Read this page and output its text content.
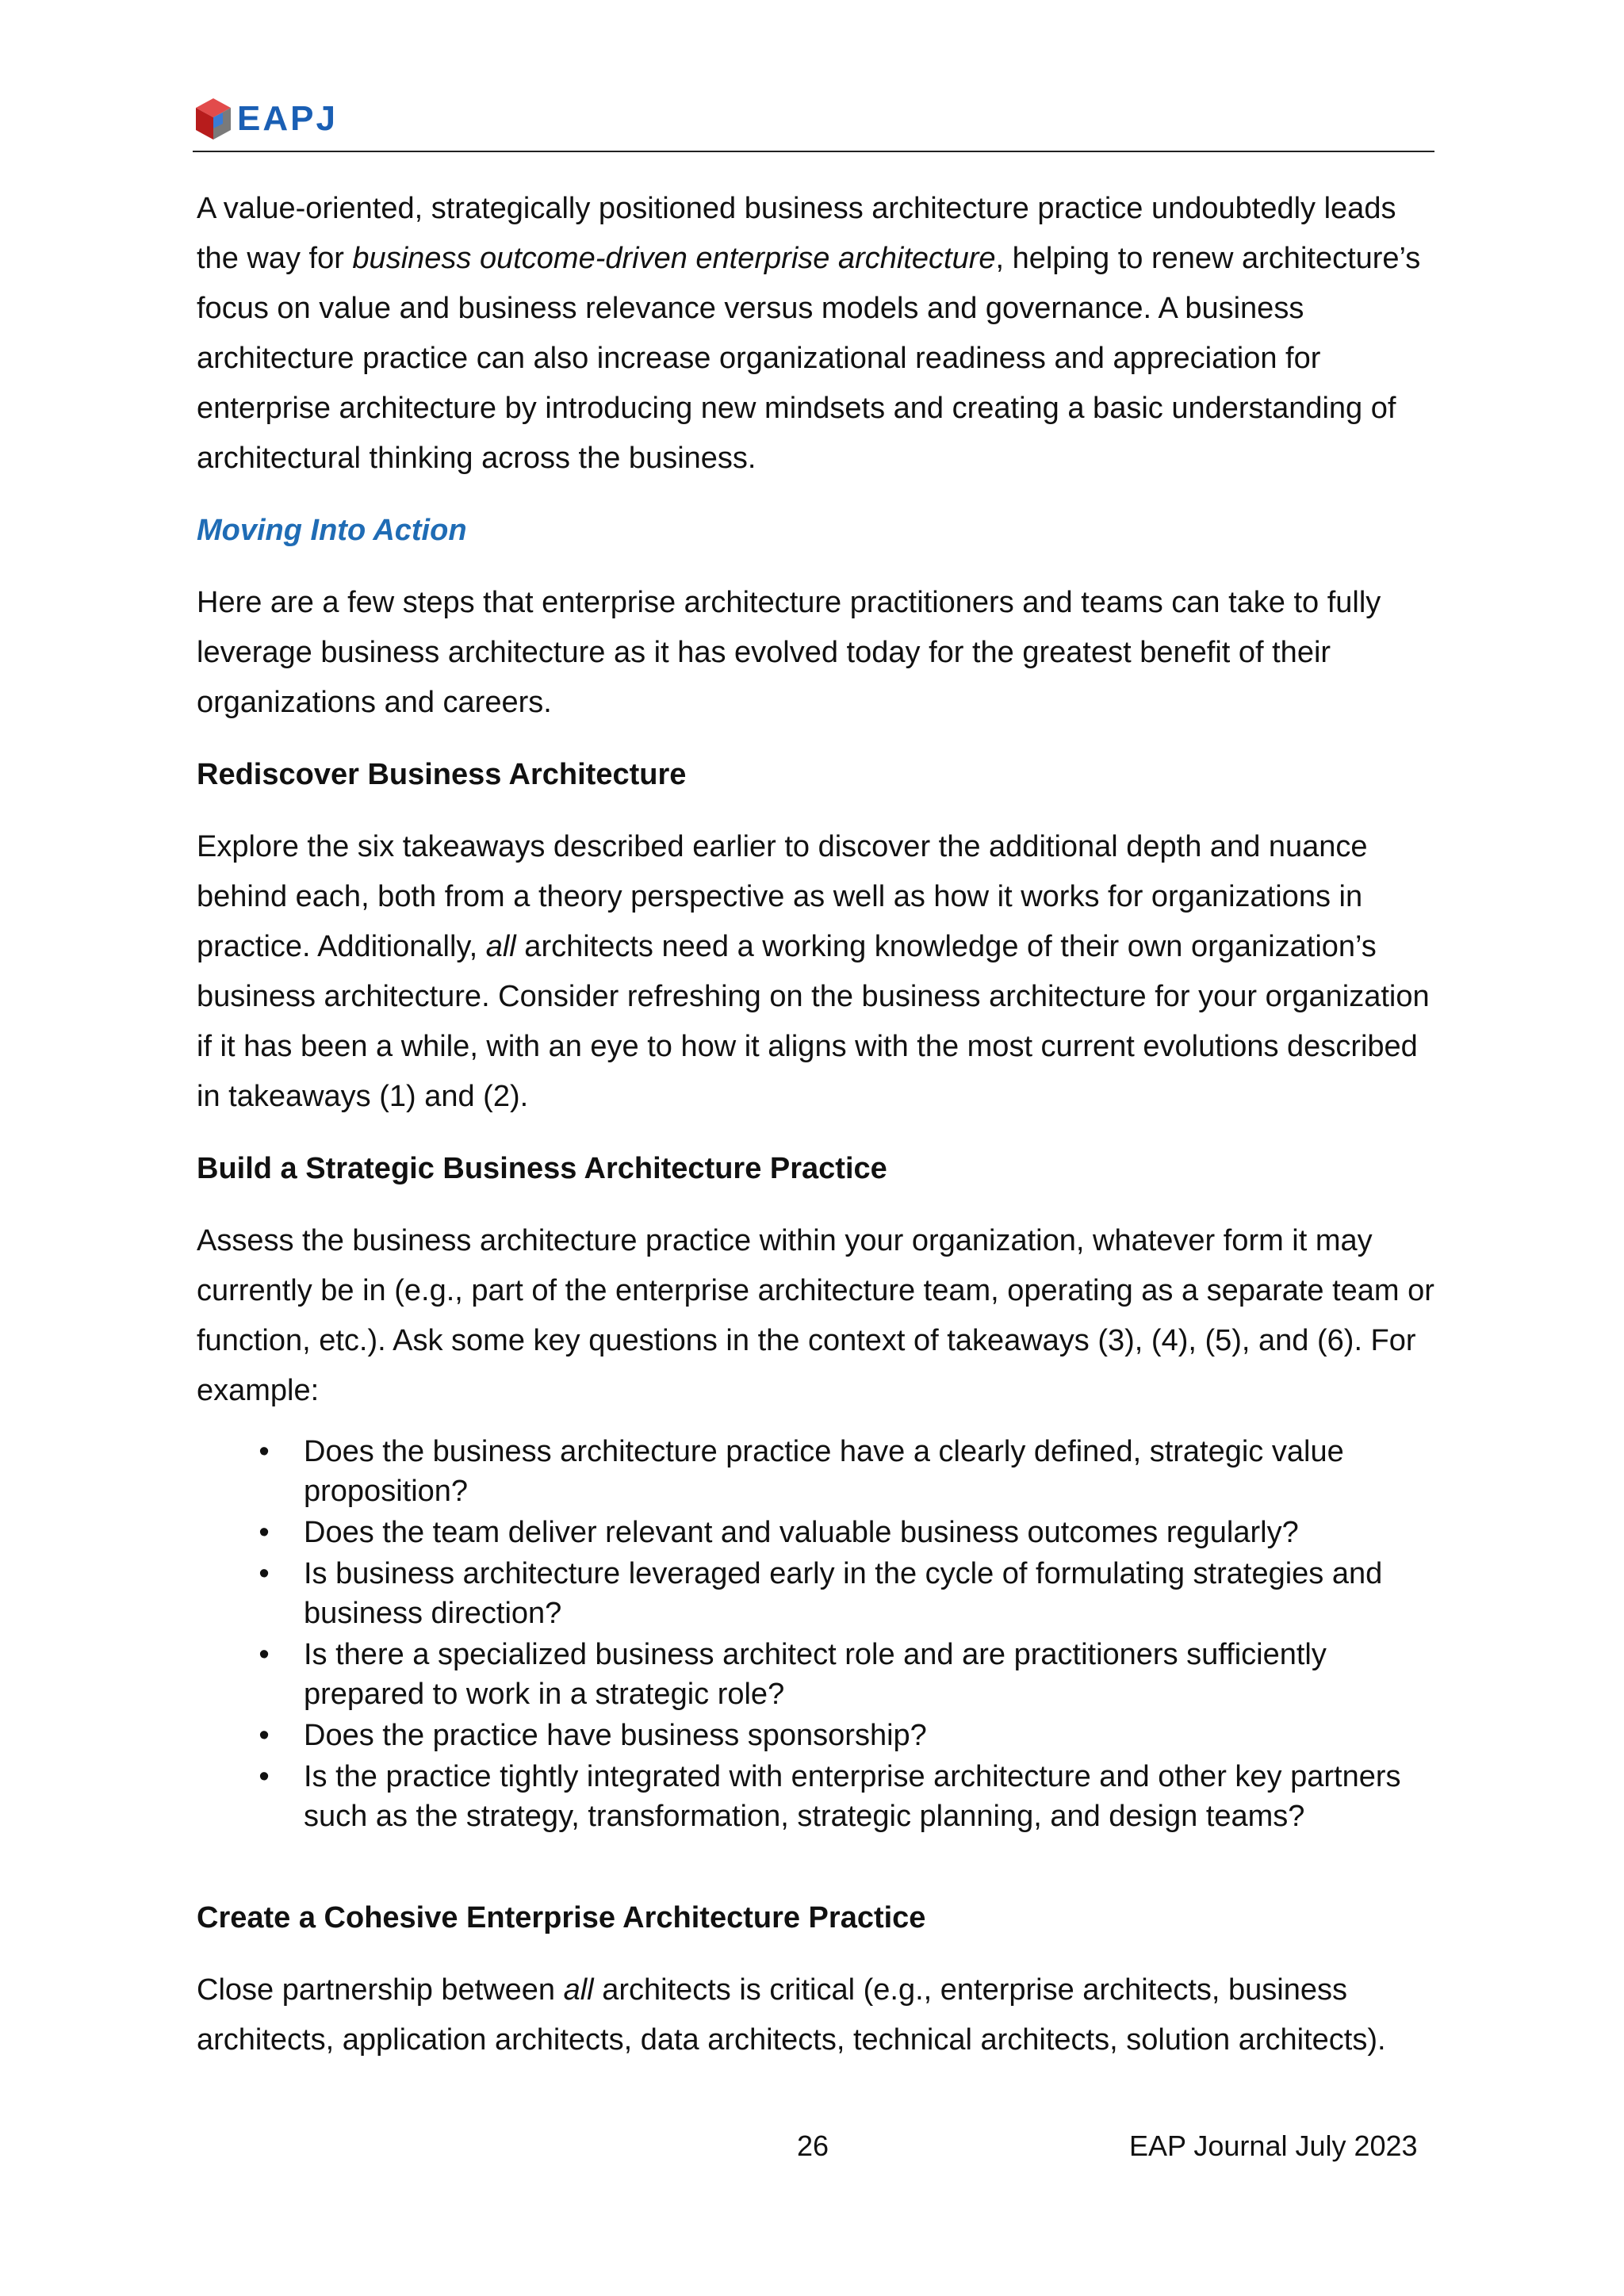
EAPJ

A value-oriented, strategically positioned business architecture practice undoubtedly leads the way for business outcome-driven enterprise architecture, helping to renew architecture’s focus on value and business relevance versus models and governance. A business architecture practice can also increase organizational readiness and appreciation for enterprise architecture by introducing new mindsets and creating a basic understanding of architectural thinking across the business.

Moving Into Action

Here are a few steps that enterprise architecture practitioners and teams can take to fully leverage business architecture as it has evolved today for the greatest benefit of their organizations and careers.

Rediscover Business Architecture

Explore the six takeaways described earlier to discover the additional depth and nuance behind each, both from a theory perspective as well as how it works for organizations in practice. Additionally, all architects need a working knowledge of their own organization’s business architecture. Consider refreshing on the business architecture for your organization if it has been a while, with an eye to how it aligns with the most current evolutions described in takeaways (1) and (2).

Build a Strategic Business Architecture Practice

Assess the business architecture practice within your organization, whatever form it may currently be in (e.g., part of the enterprise architecture team, operating as a separate team or function, etc.). Ask some key questions in the context of takeaways (3), (4), (5), and (6). For example:

• Does the business architecture practice have a clearly defined, strategic value proposition?
• Does the team deliver relevant and valuable business outcomes regularly?
• Is business architecture leveraged early in the cycle of formulating strategies and business direction?
• Is there a specialized business architect role and are practitioners sufficiently prepared to work in a strategic role?
• Does the practice have business sponsorship?
• Is the practice tightly integrated with enterprise architecture and other key partners such as the strategy, transformation, strategic planning, and design teams?

Create a Cohesive Enterprise Architecture Practice

Close partnership between all architects is critical (e.g., enterprise architects, business architects, application architects, data architects, technical architects, solution architects).

26	EAP Journal July 2023
